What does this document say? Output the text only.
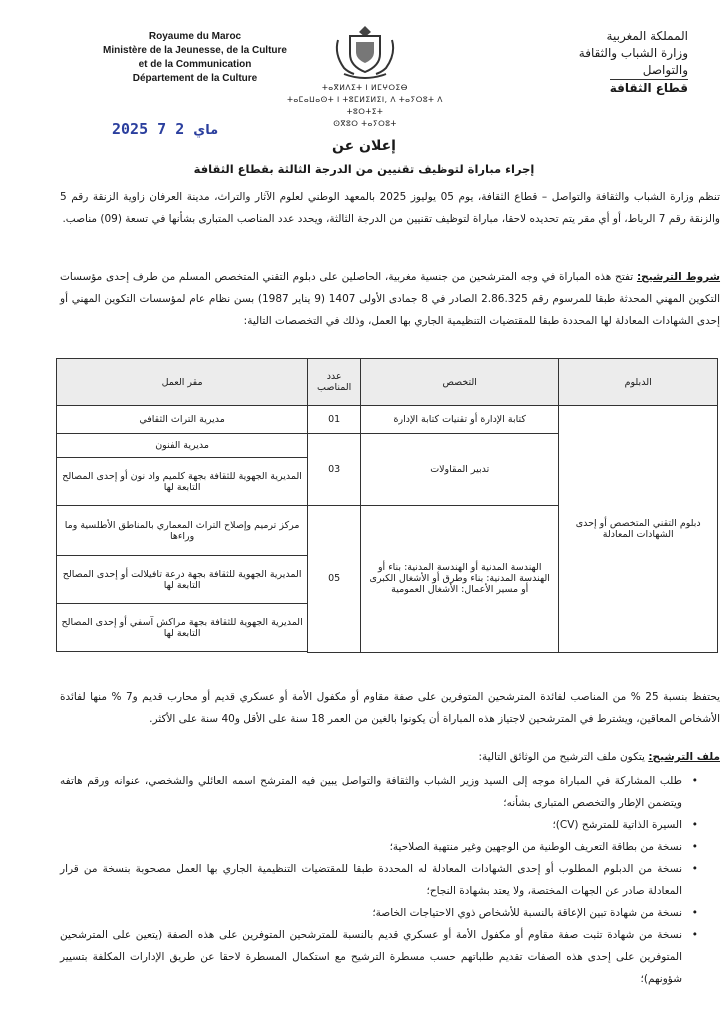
Royaume du Maroc
Ministère de la Jeunesse, de la Culture
et de la Communication
Département de la Culture
ⵜⴰⴳⵍⴷⵉⵜ ⵏ ⵍⵎⵖⵔⵉⴱ
ⵜⴰⵎⴰⵡⴰⵙⵜ ⵏ ⵜⵓⵎⵍⵉⵍⵉⵏ, ⴷ ⵜⴰⵢⵔⵓⵜ ⴷ ⵜⵓⵔⵜⵉⵜ
ⵙⴳⵓⵔ ⵜⴰⵢⵔⵓⵜ
المملكة المغربية
وزارة الشباب والثقافة
والتواصل
قطاع الثقافة
2025	ماي 2 7
إعلان عن
إجراء مباراة لتوظيف تقنيين من الدرجة الثالثة بقطاع الثقافة
تنظم وزارة الشباب والثقافة والتواصل – قطاع الثقافة، يوم 05 يوليوز 2025 بالمعهد الوطني لعلوم الآثار والتراث، مدينة العرفان زاوية الزنقة رقم 5 والزنقة رقم 7 الرباط، أو أي مقر يتم تحديده لاحقا، مباراة لتوظيف تقنيين من الدرجة الثالثة، ويحدد عدد المناصب المتبارى بشأنها في تسعة (09) مناصب.
شروط الترشيح: تفتح هذه المباراة في وجه المترشحين من جنسية مغربية، الحاصلين على دبلوم التقني المتخصص المسلم من طرف إحدى مؤسسات التكوين المهني المحدثة طبقا للمرسوم رقم 2.86.325 الصادر في 8 جمادى الأولى 1407 (9 يناير 1987) بسن نظام عام لمؤسسات التكوين المهني أو إحدى الشهادات المعادلة لها المحددة طبقا للمقتضيات التنظيمية الجاري بها العمل، وذلك في التخصصات التالية:
الدبلوم	التخصص	عدد المناصب	مقر العمل
دبلوم التقني المتخصص أو إحدى الشهادات المعادلة	كتابة الإدارة أو تقنيات كتابة الإدارة	01	مديرية التراث الثقافي
	تدبير المقاولات	03	مديرية الفنون
			المديرية الجهوية للثقافة بجهة كلميم واد نون أو إحدى المصالح التابعة لها
	الهندسة المدنية أو الهندسة المدنية: بناء أو الهندسة المدنية: بناء وطرق أو الأشغال الكبرى أو مسير الأعمال: الأشغال العمومية	05	مركز ترميم وإصلاح التراث المعماري بالمناطق الأطلسية وما وراءها
			المديرية الجهوية للثقافة بجهة درعة تافيلالت أو إحدى المصالح التابعة لها
			المديرية الجهوية للثقافة بجهة مراكش آسفي أو إحدى المصالح التابعة لها

يحتفظ بنسبة 25 % من المناصب لفائدة المترشحين المتوفرين على صفة مقاوم أو مكفول الأمة أو عسكري قديم أو محارب قديم و7 % منها لفائدة الأشخاص المعاقين، ويشترط في المترشحين لاجتياز هذه المباراة أن يكونوا بالغين من العمر 18 سنة على الأقل و40 سنة على الأكثر.
ملف الترشيح: يتكون ملف الترشيح من الوثائق التالية:
• طلب المشاركة في المباراة موجه إلى السيد وزير الشباب والثقافة والتواصل يبين فيه المترشح اسمه العائلي والشخصي، عنوانه ورقم هاتفه ويتضمن الإطار والتخصص المتبارى بشأنه؛
• السيرة الذاتية للمترشح (CV)؛
• نسخة من بطاقة التعريف الوطنية من الوجهين وغير منتهية الصلاحية؛
• نسخة من الدبلوم المطلوب أو إحدى الشهادات المعادلة له المحددة طبقا للمقتضيات التنظيمية الجاري بها العمل مصحوبة بنسخة من قرار المعادلة صادر عن الجهات المختصة، ولا يعتد بشهادة النجاح؛
• نسخة من شهادة تبين الإعاقة بالنسبة للأشخاص ذوي الاحتياجات الخاصة؛
• نسخة من شهادة تثبت صفة مقاوم أو مكفول الأمة أو عسكري قديم بالنسبة للمترشحين المتوفرين على هذه الصفة (يتعين على المترشحين المتوفرين على إحدى هذه الصفات تقديم طلباتهم حسب مسطرة الترشيح مع استكمال المسطرة لاحقا عن طريق الإدارات المكلفة بتسيير شؤونهم)؛
